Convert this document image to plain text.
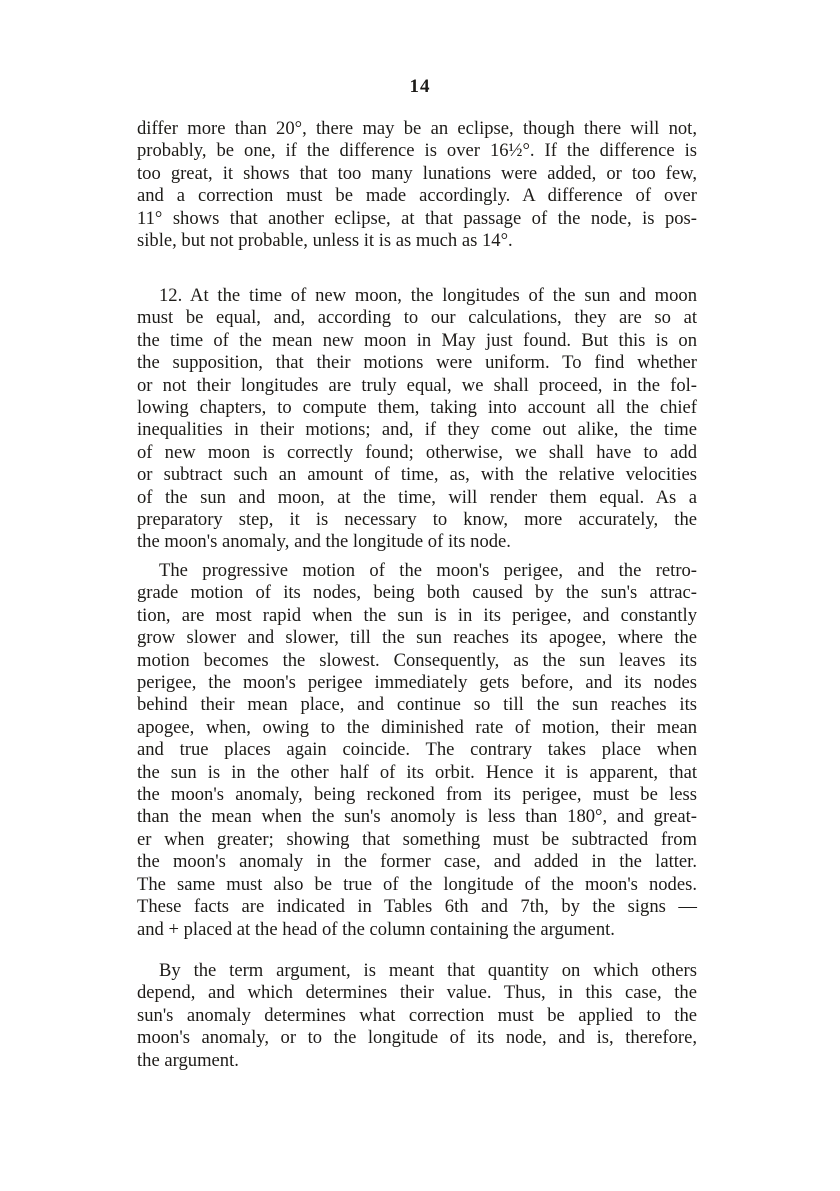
14

differ more than 20°, there may be an eclipse, though there will not,
probably, be one, if the difference is over 16½°. If the difference is
too great, it shows that too many lunations were added, or too few,
and a correction must be made accordingly. A difference of over
11° shows that another eclipse, at that passage of the node, is pos-
sible, but not probable, unless it is as much as 14°.

12. At the time of new moon, the longitudes of the sun and moon
must be equal, and, according to our calculations, they are so at
the time of the mean new moon in May just found. But this is on
the supposition, that their motions were uniform. To find whether
or not their longitudes are truly equal, we shall proceed, in the fol-
lowing chapters, to compute them, taking into account all the chief
inequalities in their motions; and, if they come out alike, the time
of new moon is correctly found; otherwise, we shall have to add
or subtract such an amount of time, as, with the relative velocities
of the sun and moon, at the time, will render them equal. As a
preparatory step, it is necessary to know, more accurately, the
the moon's anomaly, and the longitude of its node.

The progressive motion of the moon's perigee, and the retro-
grade motion of its nodes, being both caused by the sun's attrac-
tion, are most rapid when the sun is in its perigee, and constantly
grow slower and slower, till the sun reaches its apogee, where the
motion becomes the slowest. Consequently, as the sun leaves its
perigee, the moon's perigee immediately gets before, and its nodes
behind their mean place, and continue so till the sun reaches its
apogee, when, owing to the diminished rate of motion, their mean
and true places again coincide. The contrary takes place when
the sun is in the other half of its orbit. Hence it is apparent, that
the moon's anomaly, being reckoned from its perigee, must be less
than the mean when the sun's anomoly is less than 180°, and great-
er when greater; showing that something must be subtracted from
the moon's anomaly in the former case, and added in the latter.
The same must also be true of the longitude of the moon's nodes.
These facts are indicated in Tables 6th and 7th, by the signs —
and + placed at the head of the column containing the argument.

By the term argument, is meant that quantity on which others
depend, and which determines their value. Thus, in this case, the
sun's anomaly determines what correction must be applied to the
moon's anomaly, or to the longitude of its node, and is, therefore,
the argument.
